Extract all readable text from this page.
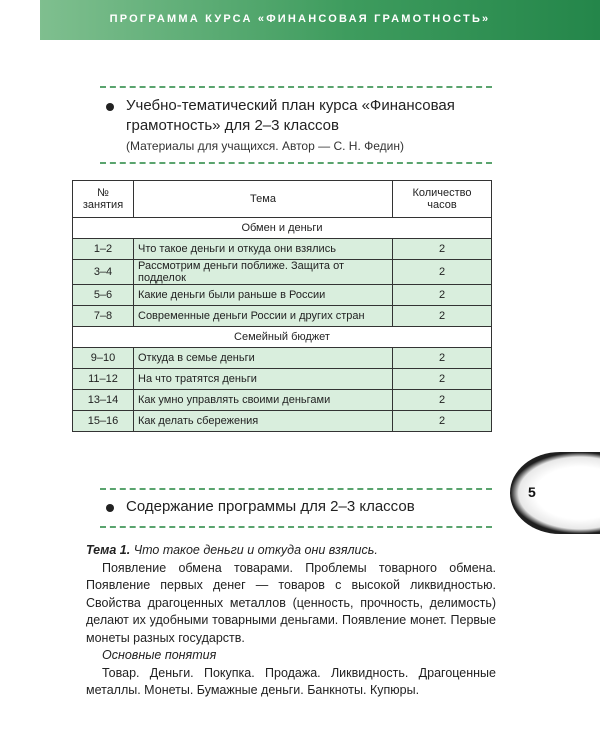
ПРОГРАММА КУРСА «ФИНАНСОВАЯ ГРАМОТНОСТЬ»
Учебно-тематический план курса «Финансовая
грамотность» для 2–3 классов
(Материалы для учащихся. Автор — С. Н. Федин)
№ занятия	Тема	Количество часов
Обмен и деньги		
1–2	Что такое деньги и откуда они взялись	2
3–4	Рассмотрим деньги поближе. Защита от подделок	2
5–6	Какие деньги были раньше в России	2
7–8	Современные деньги России и других стран	2
Семейный бюджет		
9–10	Откуда в семье деньги	2
11–12	На что тратятся деньги	2
13–14	Как умно управлять своими деньгами	2
15–16	Как делать сбережения	2
5
Содержание программы для 2–3 классов
Тема 1. Что такое деньги и откуда они взялись.

Появление обмена товарами. Проблемы товарного обмена. Появление первых денег — товаров с высокой ликвидностью. Свойства драгоценных металлов (ценность, прочность, делимость) делают их удобными товарными деньгами. Появление монет. Первые монеты разных государств.

Основные понятия

Товар. Деньги. Покупка. Продажа. Ликвидность. Драгоценные металлы. Монеты. Бумажные деньги. Банкноты. Купюры.
